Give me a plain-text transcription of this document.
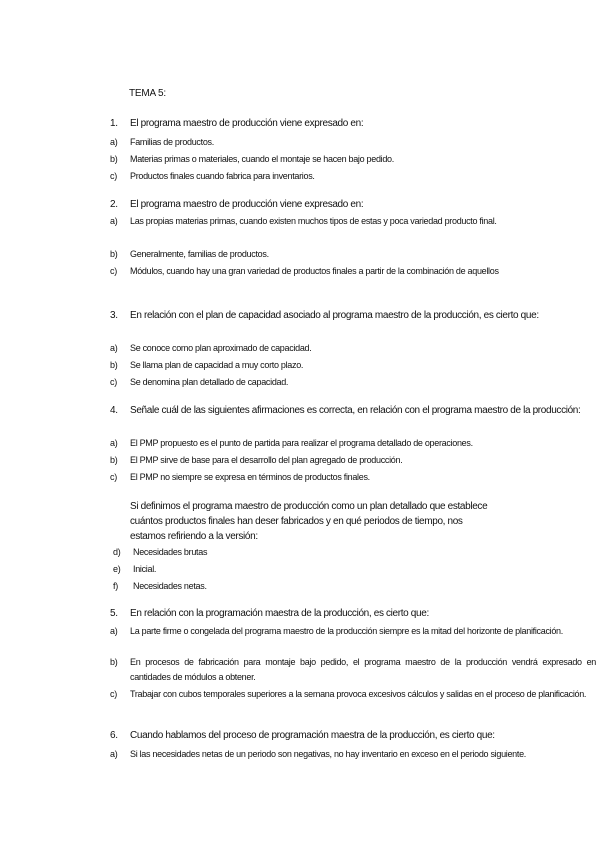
TEMA 5:
1.	El programa maestro de producción viene expresado en:
a) Familias de productos.
b) Materias primas o materiales, cuando el montaje se hacen bajo pedido.
c) Productos finales cuando fabrica para inventarios.
2.	El programa maestro de producción viene expresado en:
a) Las propias materias primas, cuando existen muchos tipos de estas y poca variedad producto final.
b) Generalmente, familias de productos.
c) Módulos, cuando hay una gran variedad de productos finales a partir de la combinación de aquellos
3.	En relación con el plan de capacidad asociado al programa maestro de la producción, es cierto que:
a) Se conoce como plan aproximado de capacidad.
b) Se llama plan de capacidad a muy corto plazo.
c) Se denomina plan detallado de capacidad.
4.	Señale cuál de las siguientes afirmaciones es correcta, en relación con el programa maestro de la producción:
a) El PMP propuesto es el punto de partida para realizar el programa detallado de operaciones.
b) El PMP sirve de base para el desarrollo del plan agregado de producción.
c) El PMP no siempre se expresa en términos de productos finales.
Si definimos el programa maestro de producción como un plan detallado que establece cuántos productos finales han deser fabricados y en qué periodos de tiempo, nos estamos refiriendo a la versión:
d) Necesidades brutas
e) Inicial.
f) Necesidades netas.
5.	En relación con la programación maestra de la producción, es cierto que:
a) La parte firme o congelada del programa maestro de la producción siempre es la mitad del horizonte de planificación.
b) En procesos de fabricación para montaje bajo pedido, el programa maestro de la producción vendrá expresado en cantidades de módulos a obtener.
c) Trabajar con cubos temporales superiores a la semana provoca excesivos cálculos y salidas en el proceso de planificación.
6.	Cuando hablamos del proceso de programación maestra de la producción, es cierto que:
a) Si las necesidades netas de un periodo son negativas, no hay inventario en exceso en el periodo siguiente.
